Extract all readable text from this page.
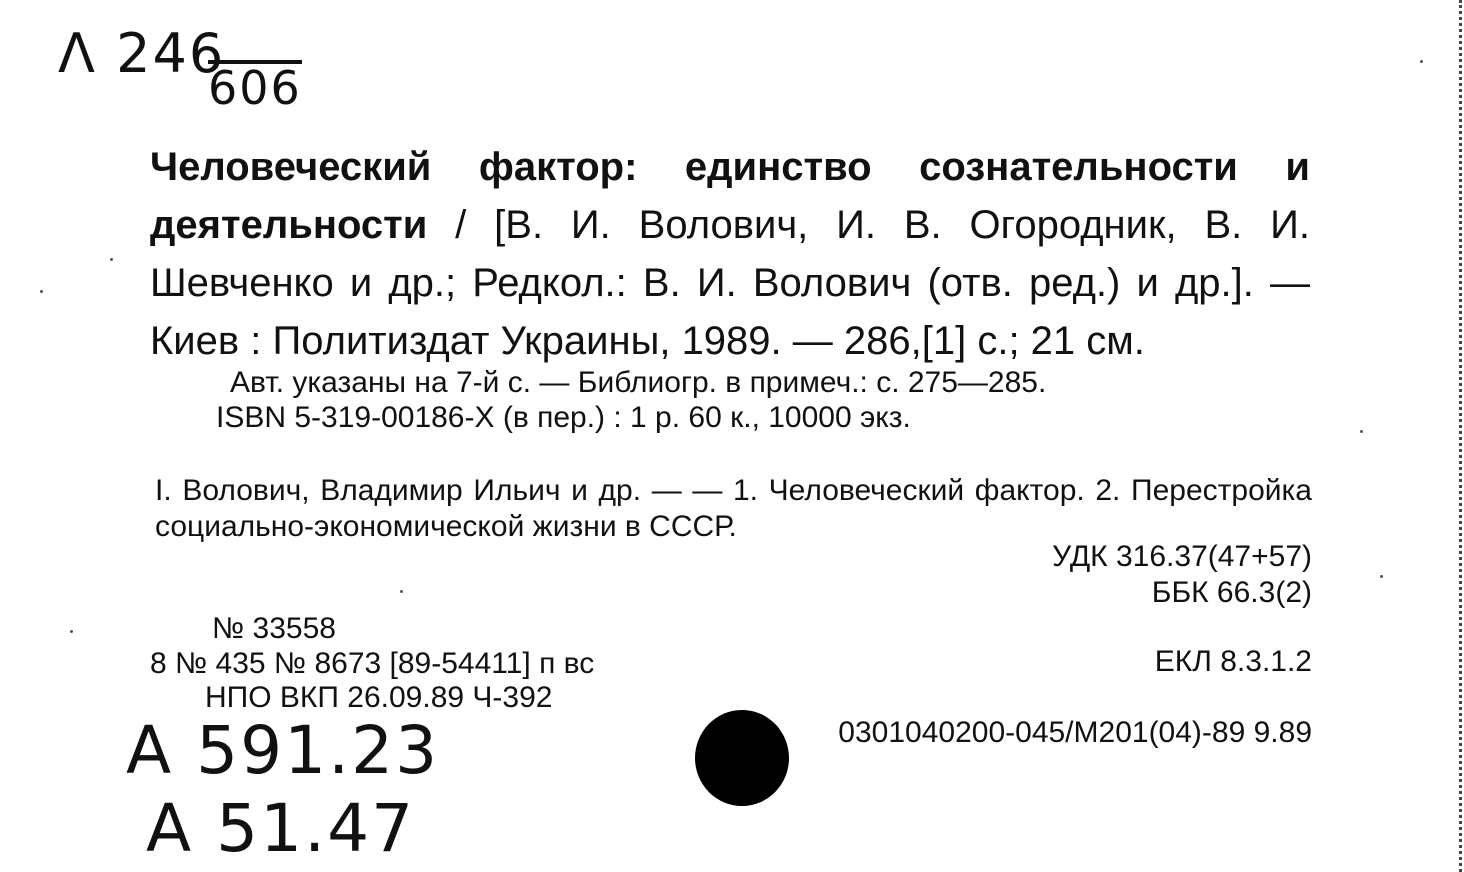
Λ 246
606

Человеческий фактор: единство сознательности и деятельности / [В. И. Волович, И. В. Огородник, В. И. Шевченко и др.; Редкол.: В. И. Волович (отв. ред.) и др.]. — Киев : Политиздат Украины, 1989. — 286,[1] с.; 21 см.

Авт. указаны на 7-й с. — Библиогр. в примеч.: с. 275—285.
ISBN 5-319-00186-X (в пер.) : 1 р. 60 к., 10000 экз.

I. Волович, Владимир Ильич и др. — — 1. Человеческий фактор. 2. Перестройка социально-экономической жизни в СССР.

УДК 316.37(47+57)
ББК 66.3(2)
№ 33558
8 № 435 № 8673 [89-54411] п вс
НПО ВКП 26.09.89 Ч-392
ЕКЛ 8.3.1.2
0301040200-045/М201(04)-89 9.89
A 591.23
A 51.47
